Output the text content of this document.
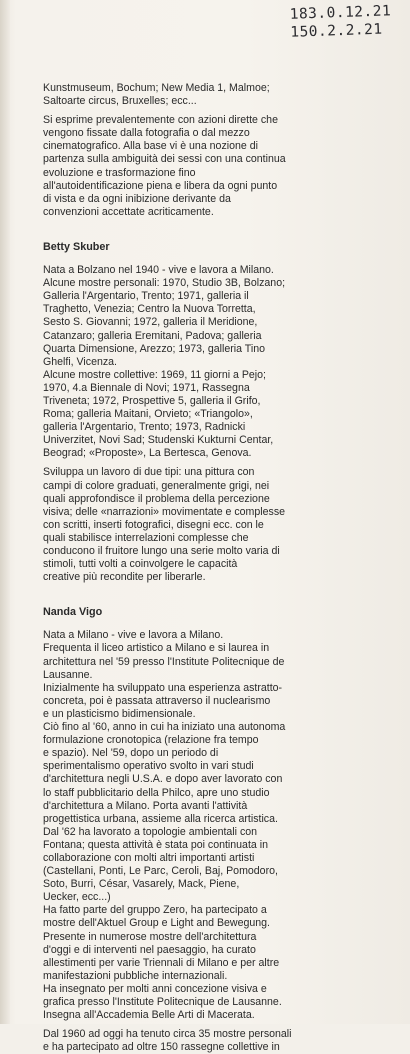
183.0.12.21
150.2.2.21

Kunstmuseum, Bochum; New Media 1, Malmoe;
Saltoarte circus, Bruxelles; ecc...

Si esprime prevalentemente con azioni dirette che
vengono fissate dalla fotografia o dal mezzo
cinematografico. Alla base vi è una nozione di
partenza sulla ambiguità dei sessi con una continua
evoluzione e trasformazione fino
all'autoidentificazione piena e libera da ogni punto
di vista e da ogni inibizione derivante da
convenzioni accettate acriticamente.

Betty Skuber

Nata a Bolzano nel 1940 - vive e lavora a Milano.

Alcune mostre personali: 1970, Studio 3B, Bolzano;
Galleria l'Argentario, Trento; 1971, galleria il
Traghetto, Venezia; Centro la Nuova Torretta,
Sesto S. Giovanni; 1972, galleria il Meridione,
Catanzaro; galleria Eremitani, Padova; galleria
Quarta Dimensione, Arezzo; 1973, galleria Tino
Ghelfi, Vicenza.

Alcune mostre collettive: 1969, 11 giorni a Pejo;
1970, 4.a Biennale di Novi; 1971, Rassegna
Triveneta; 1972, Prospettive 5, galleria il Grifo,
Roma; galleria Maitani, Orvieto; «Triangolo»,
galleria l'Argentario, Trento; 1973, Radnicki
Univerzitet, Novi Sad; Studenski Kukturni Centar,
Beograd; «Proposte», La Bertesca, Genova.

Sviluppa un lavoro di due tipi: una pittura con
campi di colore graduati, generalmente grigi, nei
quali approfondisce il problema della percezione
visiva; delle «narrazioni» movimentate e complesse
con scritti, inserti fotografici, disegni ecc. con le
quali stabilisce interrelazioni complesse che
conducono il fruitore lungo una serie molto varia di
stimoli, tutti volti a coinvolgere le capacità
creative più recondite per liberarle.

Nanda Vigo

Nata a Milano - vive e lavora a Milano.
Frequenta il liceo artistico a Milano e si laurea in
architettura nel '59 presso l'Institute Politecnique de
Lausanne.

Inizialmente ha sviluppato una esperienza astratto-
concreta, poi è passata attraverso il nuclearismo
e un plasticismo bidimensionale.
Ciò fino al '60, anno in cui ha iniziato una autonoma
formulazione cronotopica (relazione fra tempo
e spazio). Nel '59, dopo un periodo di
sperimentalismo operativo svolto in vari studi
d'architettura negli U.S.A. e dopo aver lavorato con
lo staff pubblicitario della Philco, apre uno studio
d'architettura a Milano. Porta avanti l'attività
progettistica urbana, assieme alla ricerca artistica.
Dal '62 ha lavorato a topologie ambientali con
Fontana; questa attività è stata poi continuata in
collaborazione con molti altri importanti artisti
(Castellani, Ponti, Le Parc, Ceroli, Baj, Pomodoro,
Soto, Burri, César, Vasarely, Mack, Piene,
Uecker, ecc...)
Ha fatto parte del gruppo Zero, ha partecipato a
mostre dell'Aktuel Group e Light and Bewegung.
Presente in numerose mostre dell'architettura
d'oggi e di interventi nel paesaggio, ha curato
allestimenti per varie Triennali di Milano e per altre
manifestazioni pubbliche internazionali.
Ha insegnato per molti anni concezione visiva e
grafica presso l'Institute Politecnique de Lausanne.
Insegna all'Accademia Belle Arti di Macerata.

Dal 1960 ad oggi ha tenuto circa 35 mostre personali
e ha partecipato ad oltre 150 rassegne collettive in
